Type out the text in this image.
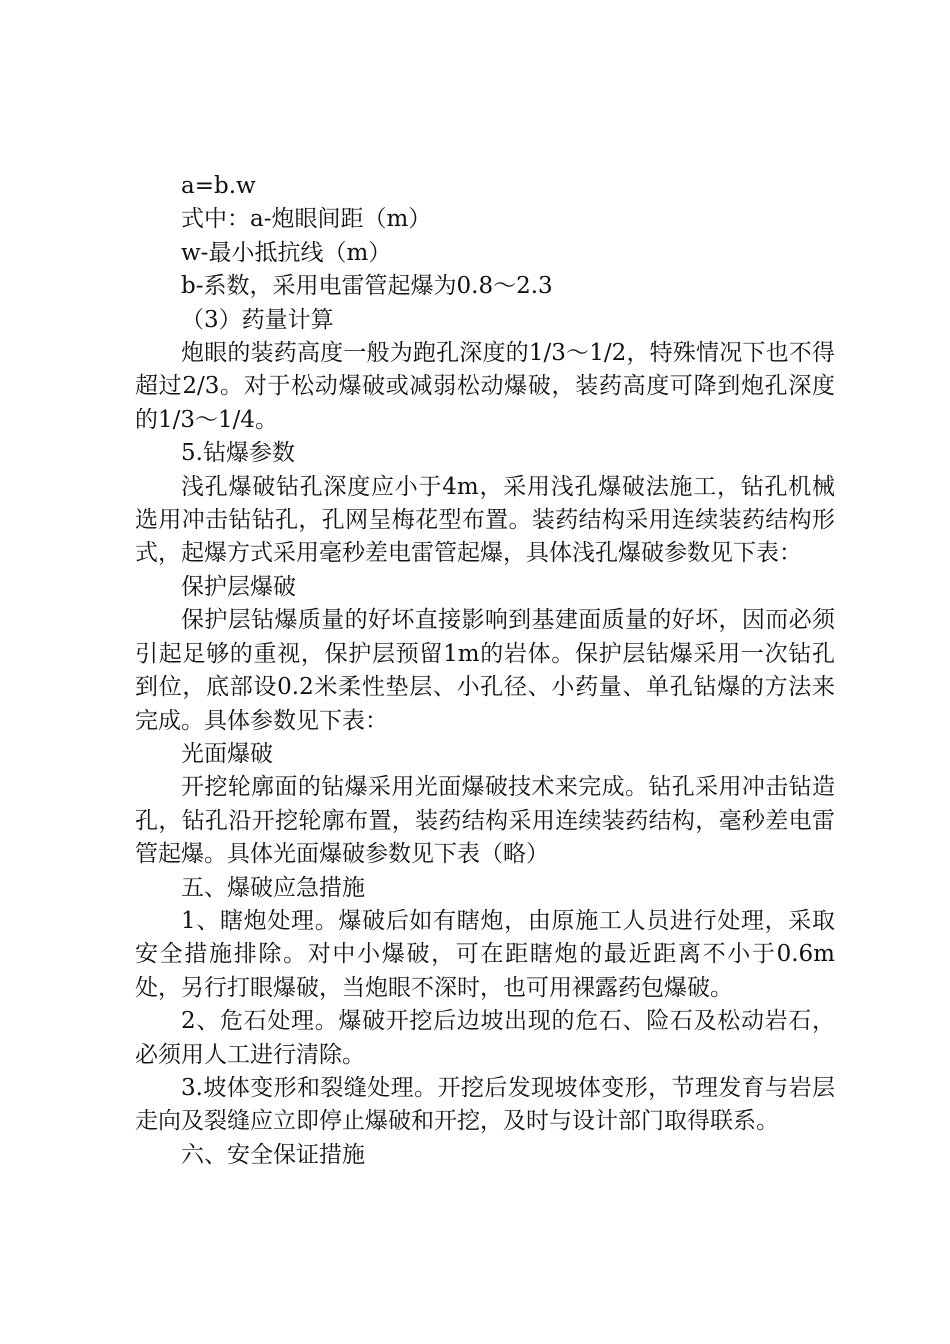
a=b.w

式中：a-炮眼间距（m）

w-最小抵抗线（m）

b-系数，采用电雷管起爆为0.8～2.3

（3）药量计算

炮眼的装药高度一般为跑孔深度的1/3～1/2，特殊情况下也不得超过2/3。对于松动爆破或减弱松动爆破，装药高度可降到炮孔深度的1/3～1/4。

5.钻爆参数

浅孔爆破钻孔深度应小于4m，采用浅孔爆破法施工，钻孔机械选用冲击钻钻孔，孔网呈梅花型布置。装药结构采用连续装药结构形式，起爆方式采用毫秒差电雷管起爆，具体浅孔爆破参数见下表：

保护层爆破

保护层钻爆质量的好坏直接影响到基建面质量的好坏，因而必须引起足够的重视，保护层预留1m的岩体。保护层钻爆采用一次钻孔到位，底部设0.2米柔性垫层、小孔径、小药量、单孔钻爆的方法来完成。具体参数见下表：

光面爆破

开挖轮廓面的钻爆采用光面爆破技术来完成。钻孔采用冲击钻造孔，钻孔沿开挖轮廓布置，装药结构采用连续装药结构，毫秒差电雷管起爆。具体光面爆破参数见下表（略）

五、爆破应急措施

1、瞎炮处理。爆破后如有瞎炮，由原施工人员进行处理，采取安全措施排除。对中小爆破，可在距瞎炮的最近距离不小于0.6m处，另行打眼爆破，当炮眼不深时，也可用裸露药包爆破。

2、危石处理。爆破开挖后边坡出现的危石、险石及松动岩石，必须用人工进行清除。

3.坡体变形和裂缝处理。开挖后发现坡体变形，节理发育与岩层走向及裂缝应立即停止爆破和开挖，及时与设计部门取得联系。

六、安全保证措施
